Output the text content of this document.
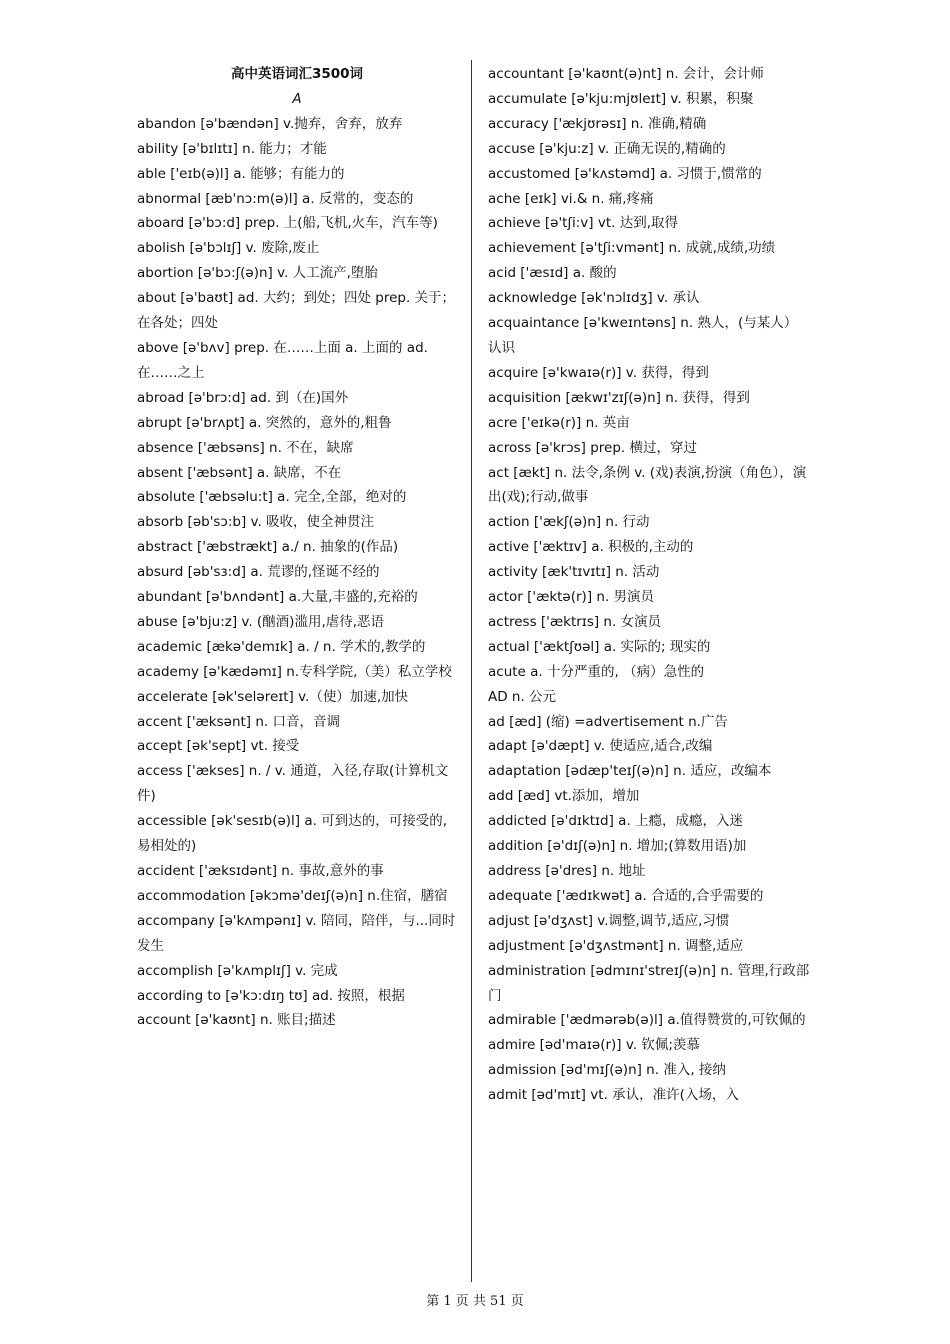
高中英语词汇3500词
A

abandon [ə'bændən] v.抛弃，舍弃，放弃

ability [ə'bɪlɪtɪ] n. 能力；才能

able ['eɪb(ə)l] a. 能够；有能力的

abnormal [æb'nɔ:m(ə)l] a. 反常的，变态的

aboard [ə'bɔ:d] prep. 上(船,飞机,火车，汽车等)

abolish [ə'bɔlɪʃ] v. 废除,废止

abortion [ə'bɔ:ʃ(ə)n] v. 人工流产,堕胎

about [ə'baʊt] ad. 大约；到处；四处 prep. 关于；在各处；四处

above [ə'bʌv] prep. 在……上面 a. 上面的 ad. 在……之上

abroad [ə'brɔ:d] ad. 到（在)国外

abrupt [ə'brʌpt] a. 突然的，意外的,粗鲁

absence ['æbsəns] n. 不在，缺席

absent ['æbsənt] a. 缺席，不在

absolute ['æbsəlu:t] a. 完全,全部，绝对的

absorb [əb'sɔ:b] v. 吸收，使全神贯注

abstract ['æbstrækt] a./ n. 抽象的(作品)

absurd [əb'sɜ:d] a. 荒谬的,怪诞不经的

abundant [ə'bʌndənt] a.大量,丰盛的,充裕的

abuse [ə'bju:z] v. (酗酒)滥用,虐待,恶语

academic [ækə'demɪk] a. / n. 学术的,教学的

academy [ə'kædəmɪ] n.专科学院,（美）私立学校

accelerate [ək'seləreɪt] v.（使）加速,加快

accent ['æksənt] n. 口音，音调

accept [ək'sept] vt. 接受

access ['ækses] n. / v. 通道，入径,存取(计算机文件)

accessible [ək'sesɪb(ə)l] a. 可到达的，可接受的,易相处的)

accident ['æksɪdənt] n. 事故,意外的事

accommodation [əkɔmə'deɪʃ(ə)n] n.住宿，膳宿

accompany [ə'kʌmpənɪ] v. 陪同，陪伴，与...同时发生

accomplish [ə'kʌmplɪʃ] v. 完成

according to [ə'kɔ:dɪŋ tʊ] ad. 按照，根据

account [ə'kaʊnt] n. 账目;描述

accountant [ə'kaʊnt(ə)nt] n. 会计，会计师

accumulate [ə'kju:mjʊleɪt] v. 积累，积聚

accuracy ['ækjʊrəsɪ] n. 准确,精确

accuse [ə'kju:z] v. 正确无误的,精确的

accustomed [ə'kʌstəmd] a. 习惯于,惯常的

ache [eɪk] vi.& n. 痛,疼痛

achieve [ə'tʃi:v] vt. 达到,取得

achievement [ə'tʃi:vmənt] n. 成就,成绩,功绩

acid ['æsɪd] a. 酸的

acknowledge [ək'nɔlɪdʒ] v. 承认

acquaintance [ə'kweɪntəns] n. 熟人，(与某人）认识

acquire [ə'kwaɪə(r)] v. 获得，得到

acquisition [ækwɪ'zɪʃ(ə)n] n. 获得，得到

acre ['eɪkə(r)] n. 英亩

across [ə'krɔs] prep. 横过，穿过

act [ækt] n. 法令,条例 v. (戏)表演,扮演（角色），演出(戏);行动,做事

action ['ækʃ(ə)n] n. 行动

active ['æktɪv] a. 积极的,主动的

activity [æk'tɪvɪtɪ] n. 活动

actor ['æktə(r)] n. 男演员

actress ['æktrɪs] n. 女演员

actual ['æktʃʊəl] a. 实际的; 现实的

acute a. 十分严重的, （病）急性的

AD n. 公元

ad [æd] (缩) =advertisement n.广告

adapt [ə'dæpt] v. 使适应,适合,改编

adaptation [ədæp'teɪʃ(ə)n] n. 适应，改编本

add [æd] vt.添加，增加

addicted [ə'dɪktɪd] a. 上瘾，成瘾，入迷

addition [ə'dɪʃ(ə)n] n. 增加;(算数用语)加

address [ə'dres] n. 地址

adequate ['ædɪkwət] a. 合适的,合乎需要的

adjust [ə'dʒʌst] v.调整,调节,适应,习惯

adjustment [ə'dʒʌstmənt] n. 调整,适应

administration [ədmɪnɪ'streɪʃ(ə)n] n. 管理,行政部门

admirable ['ædmərəb(ə)l] a.值得赞赏的,可钦佩的

admire [əd'maɪə(r)] v. 钦佩;羡慕

admission [əd'mɪʃ(ə)n] n. 准入, 接纳

admit [əd'mɪt] vt. 承认，准许(入场，入

第 1 页 共 51 页
